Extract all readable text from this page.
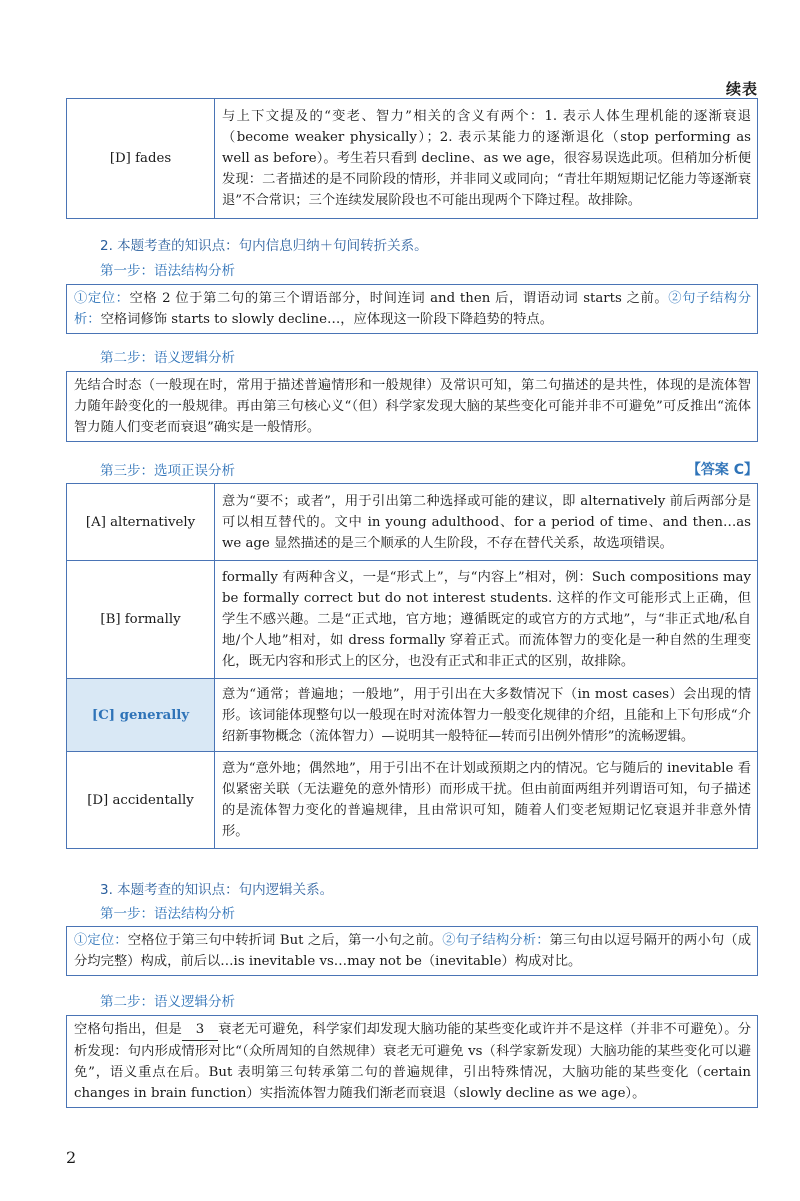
续表
[D] fades	与上下文提及的“变老、智力”相关的含义有两个：1. 表示人体生理机能的逐渐衰退（become weaker physically）；2. 表示某能力的逐渐退化（stop performing as well as before）。考生若只看到 decline、as we age，很容易误选此项。但稍加分析便发现：二者描述的是不同阶段的情形，并非同义或同向；“青壮年期短期记忆能力等逐渐衰退”不合常识；三个连续发展阶段也不可能出现两个下降过程。故排除。
2. 本题考查的知识点：句内信息归纳＋句间转折关系。
第一步：语法结构分析
①定位：空格 2 位于第二句的第三个谓语部分，时间连词 and then 后，谓语动词 starts 之前。②句子结构分析：空格词修饰 starts to slowly decline…，应体现这一阶段下降趋势的特点。
第二步：语义逻辑分析
先结合时态（一般现在时，常用于描述普遍情形和一般规律）及常识可知，第二句描述的是共性，体现的是流体智力随年龄变化的一般规律。再由第三句核心义“（但）科学家发现大脑的某些变化可能并非不可避免”可反推出“流体智力随人们变老而衰退”确实是一般情形。
第三步：选项正误分析	【答案 C】
[A] alternatively	意为“要不；或者”，用于引出第二种选择或可能的建议，即 alternatively 前后两部分是可以相互替代的。文中 in young adulthood、for a period of time、and then…as we age 显然描述的是三个顺承的人生阶段，不存在替代关系，故选项错误。
[B] formally	formally 有两种含义，一是“形式上”，与“内容上”相对，例：Such compositions may be formally correct but do not interest students. 这样的作文可能形式上正确，但学生不感兴趣。二是“正式地，官方地；遵循既定的或官方的方式地”，与“非正式地/私自地/个人地”相对，如 dress formally 穿着正式。而流体智力的变化是一种自然的生理变化，既无内容和形式上的区分，也没有正式和非正式的区别，故排除。
[C] generally	意为“通常；普遍地；一般地”，用于引出在大多数情况下（in most cases）会出现的情形。该词能体现整句以一般现在时对流体智力一般变化规律的介绍，且能和上下句形成“介绍新事物概念（流体智力）—说明其一般特征—转而引出例外情形”的流畅逻辑。
[D] accidentally	意为“意外地；偶然地”，用于引出不在计划或预期之内的情况。它与随后的 inevitable 看似紧密关联（无法避免的意外情形）而形成干扰。但由前面两组并列谓语可知，句子描述的是流体智力变化的普遍规律，且由常识可知，随着人们变老短期记忆衰退并非意外情形。
3. 本题考查的知识点：句内逻辑关系。
第一步：语法结构分析
①定位：空格位于第三句中转折词 But 之后，第一小句之前。②句子结构分析：第三句由以逗号隔开的两小句（成分均完整）构成，前后以…is inevitable vs…may not be（inevitable）构成对比。
第二步：语义逻辑分析
空格句指出，但是 3 衰老无可避免，科学家们却发现大脑功能的某些变化或许并不是这样（并非不可避免）。分析发现：句内形成情形对比“（众所周知的自然规律）衰老无可避免 vs（科学家新发现）大脑功能的某些变化可以避免”，语义重点在后。But 表明第三句转承第二句的普遍规律，引出特殊情况，大脑功能的某些变化（certain changes in brain function）实指流体智力随我们渐老而衰退（slowly decline as we age）。
2
